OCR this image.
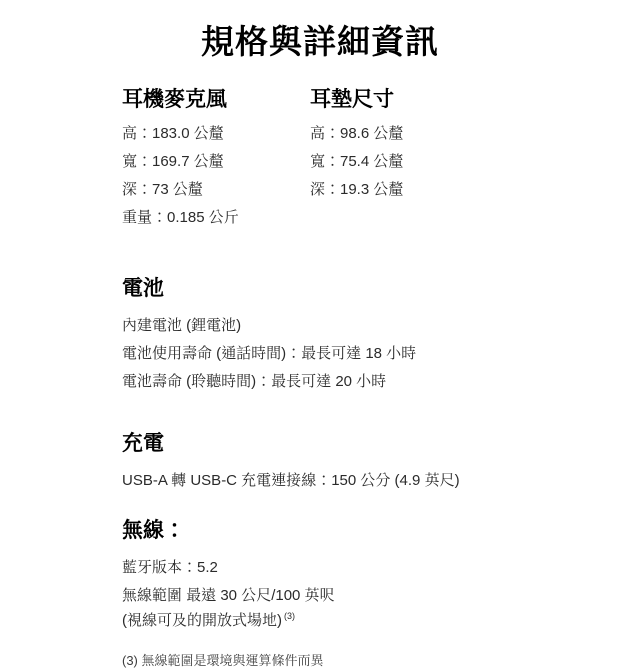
規格與詳細資訊
耳機麥克風

高：183.0 公釐

寬：169.7 公釐

深：73 公釐

重量：0.185 公斤

耳墊尺寸

高：98.6 公釐

寬：75.4 公釐

深：19.3 公釐

電池

內建電池 (鋰電池)

電池使用壽命 (通話時間)：最長可達 18 小時

電池壽命 (聆聽時間)：最長可達 20 小時

充電

USB-A 轉 USB-C 充電連接線：150 公分 (4.9 英尺)

無線：

藍牙版本：5.2

無線範圍 最遠 30 公尺/100 英呎

(視線可及的開放式場地) $^{(3)}$

(3) 無線範圍是環境與運算條件而異
